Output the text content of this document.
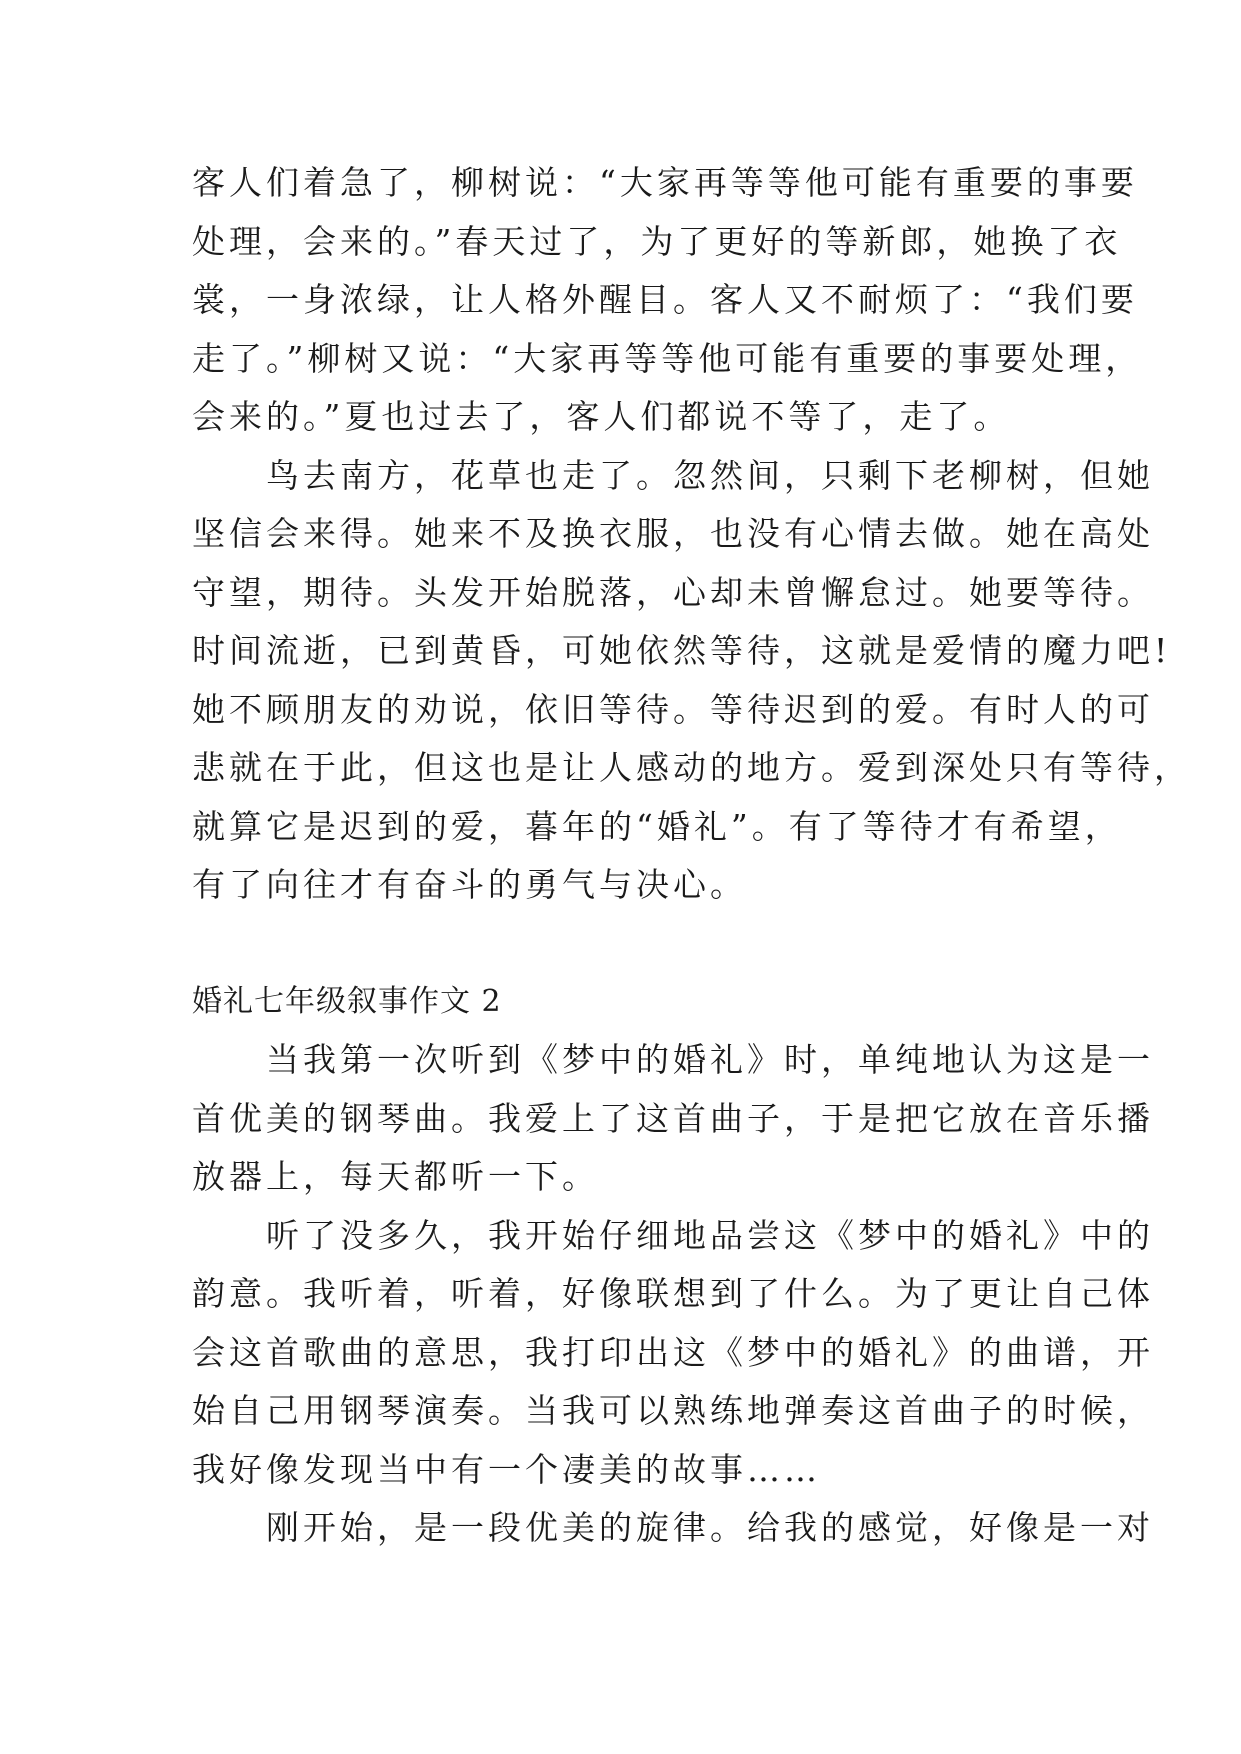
客人们着急了，柳树说：“大家再等等他可能有重要的事要
处理，会来的。”春天过了，为了更好的等新郎，她换了衣
裳，一身浓绿，让人格外醒目。客人又不耐烦了：“我们要
走了。”柳树又说：“大家再等等他可能有重要的事要处理，
会来的。”夏也过去了，客人们都说不等了，走了。
　　鸟去南方，花草也走了。忽然间，只剩下老柳树，但她
坚信会来得。她来不及换衣服，也没有心情去做。她在高处
守望，期待。头发开始脱落，心却未曾懈怠过。她要等待。
时间流逝，已到黄昏，可她依然等待，这就是爱情的魔力吧!
她不顾朋友的劝说，依旧等待。等待迟到的爱。有时人的可
悲就在于此，但这也是让人感动的地方。爱到深处只有等待，
就算它是迟到的爱，暮年的“婚礼”。有了等待才有希望，
有了向往才有奋斗的勇气与决心。
婚礼七年级叙事作文 2
　　当我第一次听到《梦中的婚礼》时，单纯地认为这是一
首优美的钢琴曲。我爱上了这首曲子，于是把它放在音乐播
放器上，每天都听一下。
　　听了没多久，我开始仔细地品尝这《梦中的婚礼》中的
韵意。我听着，听着，好像联想到了什么。为了更让自己体
会这首歌曲的意思，我打印出这《梦中的婚礼》的曲谱，开
始自己用钢琴演奏。当我可以熟练地弹奏这首曲子的时候，
我好像发现当中有一个凄美的故事……
　　刚开始，是一段优美的旋律。给我的感觉，好像是一对
